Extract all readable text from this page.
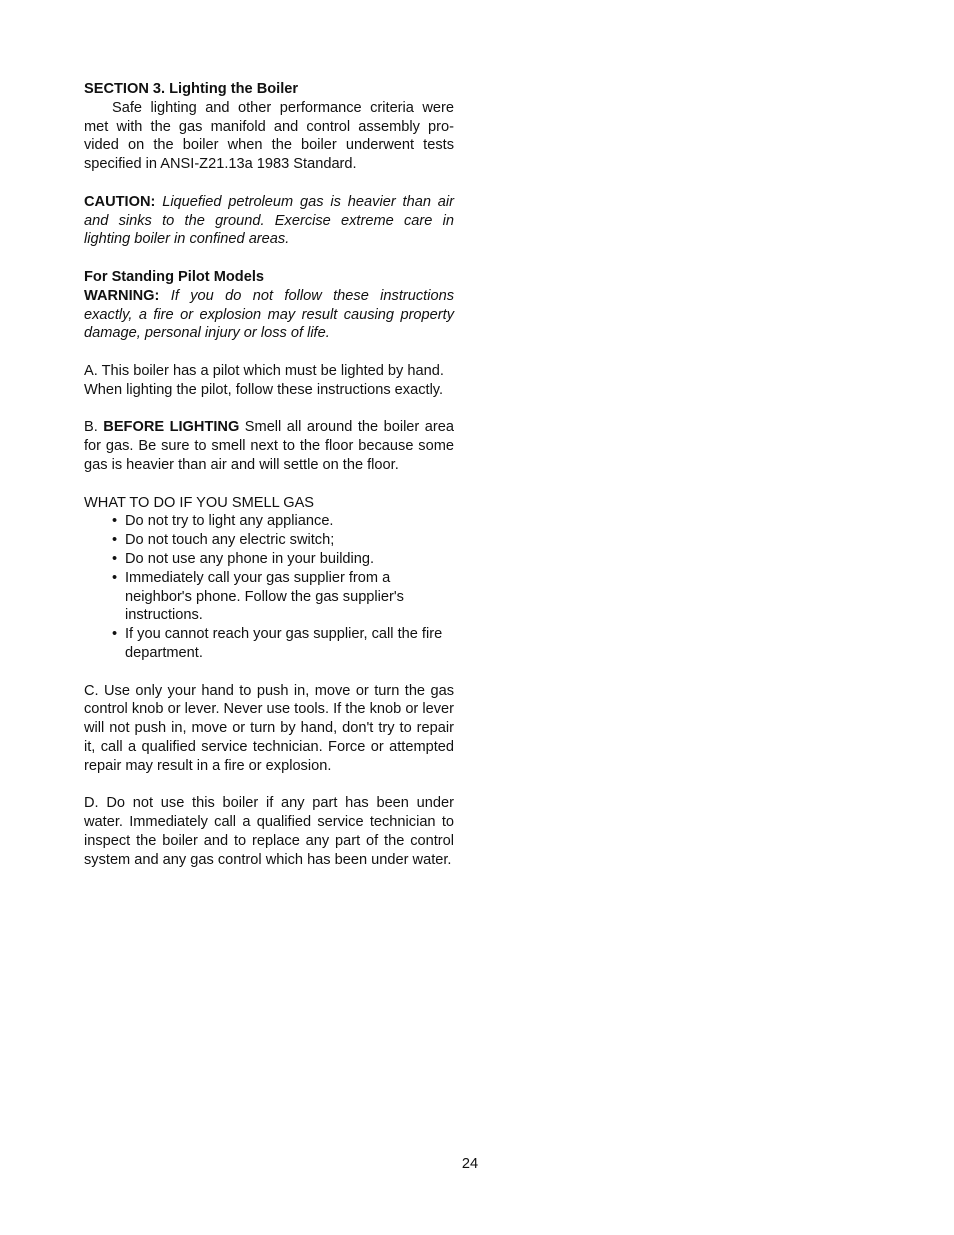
SECTION 3. Lighting the Boiler

Safe lighting and other performance criteria were met with the gas manifold and control assembly pro-vided on the boiler when the boiler underwent tests specified in ANSI-Z21.13a 1983 Standard.

CAUTION: Liquefied petroleum gas is heavier than air and sinks to the ground. Exercise extreme care in lighting boiler in confined areas.

For Standing Pilot Models

WARNING: If you do not follow these instructions exactly, a fire or explosion may result causing property damage, personal injury or loss of life.

A. This boiler has a pilot which must be lighted by hand. When lighting the pilot, follow these instructions exactly.

B. BEFORE LIGHTING Smell all around the boiler area for gas. Be sure to smell next to the floor because some gas is heavier than air and will settle on the floor.

WHAT TO DO IF YOU SMELL GAS

• Do not try to light any appliance.
• Do not touch any electric switch;
• Do not use any phone in your building.
• Immediately call your gas supplier from a neighbor's phone. Follow the gas supplier's instructions.
• If you cannot reach your gas supplier, call the fire department.

C. Use only your hand to push in, move or turn the gas control knob or lever. Never use tools. If the knob or lever will not push in, move or turn by hand, don't try to repair it, call a qualified service technician. Force or attempted repair may result in a fire or explosion.

D. Do not use this boiler if any part has been under water. Immediately call a qualified service technician to inspect the boiler and to replace any part of the control system and any gas control which has been under water.

24
